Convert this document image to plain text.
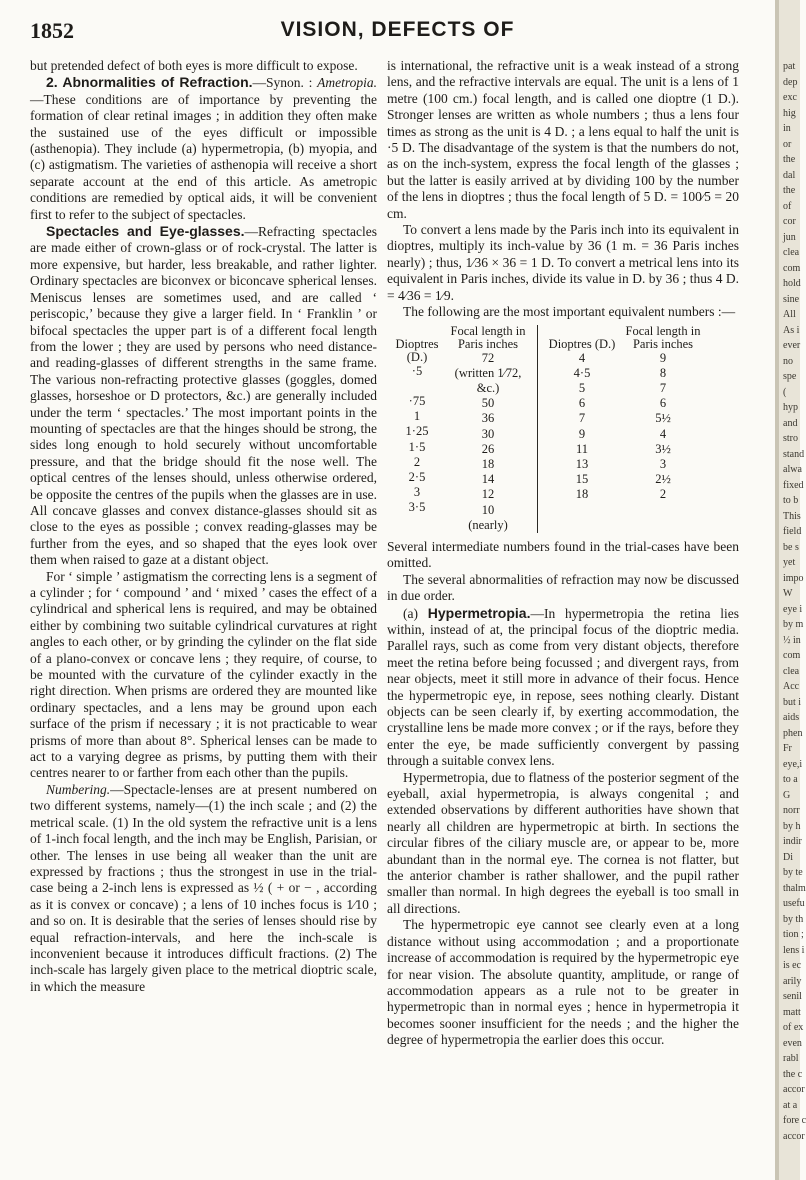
1852	VISION, DEFECTS OF

but pretended defect of both eyes is more difficult to expose.

2. Abnormalities of Refraction.—Synon. : Ametropia.—These conditions are of importance by preventing the formation of clear retinal images ; in addition they often make the sustained use of the eyes difficult or impossible (asthenopia). They include (a) hypermetropia, (b) myopia, and (c) astigmatism. The varieties of asthenopia will receive a short separate account at the end of this article. As ametropic conditions are remedied by optical aids, it will be convenient first to refer to the subject of spectacles.

Spectacles and Eye-glasses.—Refracting spectacles are made either of crown-glass or of rock-crystal. The latter is more expensive, but harder, less breakable, and rather lighter. Ordinary spectacles are biconvex or biconcave spherical lenses. Meniscus lenses are sometimes used, and are called ‘ periscopic,’ because they give a larger field. In ‘ Franklin ’ or bifocal spectacles the upper part is of a different focal length from the lower ; they are used by persons who need distance- and reading-glasses of different strengths in the same frame. The various non-refracting protective glasses (goggles, domed glasses, horseshoe or D protectors, &c.) are generally included under the term ‘ spectacles.’ The most important points in the mounting of spectacles are that the hinges should be strong, the sides long enough to hold securely without uncomfortable pressure, and that the bridge should fit the nose well. The optical centres of the lenses should, unless otherwise ordered, be opposite the centres of the pupils when the glasses are in use. All concave glasses and convex distance-glasses should sit as close to the eyes as possible ; convex reading-glasses may be further from the eyes, and so shaped that the eyes look over them when raised to gaze at a distant object.

For ‘ simple ’ astigmatism the correcting lens is a segment of a cylinder ; for ‘ compound ’ and ‘ mixed ’ cases the effect of a cylindrical and spherical lens is required, and may be obtained either by combining two suitable cylindrical curvatures at right angles to each other, or by grinding the cylinder on the flat side of a plano-convex or concave lens ; they require, of course, to be mounted with the curvature of the cylinder exactly in the right direction. When prisms are ordered they are mounted like ordinary spectacles, and a lens may be ground upon each surface of the prism if necessary ; it is not practicable to wear prisms of more than about 8°. Spherical lenses can be made to act to a varying degree as prisms, by putting them with their centres nearer to or farther from each other than the pupils.

Numbering.—Spectacle-lenses are at present numbered on two different systems, namely—(1) the inch scale ; and (2) the metrical scale. (1) In the old system the refractive unit is a lens of 1-inch focal length, and the inch may be English, Parisian, or other. The lenses in use being all weaker than the unit are expressed by fractions ; thus the strongest in use in the trial-case being a 2-inch lens is expressed as ½ ( + or − , according as it is convex or concave) ; a lens of 10 inches focus is 1⁄10 ; and so on. It is desirable that the series of lenses should rise by equal refraction-intervals, and here the inch-scale is inconvenient because it introduces difficult fractions. (2) The inch-scale has largely given place to the metrical dioptric scale, in which the measure

is international, the refractive unit is a weak instead of a strong lens, and the refractive intervals are equal. The unit is a lens of 1 metre (100 cm.) focal length, and is called one dioptre (1 D.). Stronger lenses are written as whole numbers ; thus a lens four times as strong as the unit is 4 D. ; a lens equal to half the unit is ·5 D. The disadvantage of the system is that the numbers do not, as on the inch-system, express the focal length of the glasses ; but the latter is easily arrived at by dividing 100 by the number of the lens in dioptres ; thus the focal length of 5 D. = 100⁄5 = 20 cm.

To convert a lens made by the Paris inch into its equivalent in dioptres, multiply its inch-value by 36 (1 m. = 36 Paris inches nearly) ; thus, 1⁄36 × 36 = 1 D. To convert a metrical lens into its equivalent in Paris inches, divide its value in D. by 36 ; thus 4 D. = 4⁄36 = 1⁄9.

The following are the most important equivalent numbers :—

Dioptres (D.)
·5

·75
1
1·25
1·5
2
2·5
3
3·5
Focal length in
Paris inches
72
(written 1⁄72, &c.)
50
36
30
26
18
14
12
10
(nearly)

Dioptres (D.)
4
4·5
5
6
7
9
11
13
15
18
Focal length in
Paris inches
9
8
7
6
5½
4
3½
3
2½
2

Several intermediate numbers found in the trial-cases have been omitted.

The several abnormalities of refraction may now be discussed in due order.

(a) Hypermetropia.—In hypermetropia the retina lies within, instead of at, the principal focus of the dioptric media. Parallel rays, such as come from very distant objects, therefore meet the retina before being focussed ; and divergent rays, from near objects, meet it still more in advance of their focus. Hence the hypermetropic eye, in repose, sees nothing clearly. Distant objects can be seen clearly if, by exerting accommodation, the crystalline lens be made more convex ; or if the rays, before they enter the eye, be made sufficiently convergent by passing through a suitable convex lens.

Hypermetropia, due to flatness of the posterior segment of the eyeball, axial hypermetropia, is always congenital ; and extended observations by different authorities have shown that nearly all children are hypermetropic at birth. In sections the circular fibres of the ciliary muscle are, or appear to be, more abundant than in the normal eye. The cornea is not flatter, but the anterior chamber is rather shallower, and the pupil rather smaller than normal. In high degrees the eyeball is too small in all directions.

The hypermetropic eye cannot see clearly even at a long distance without using accommodation ; and a proportionate increase of accommodation is required by the hypermetropic eye for near vision. The absolute quantity, amplitude, or range of accommodation appears as a rule not to be greater in hypermetropic than in normal eyes ; hence in hypermetropia it becomes sooner insufficient for the needs ; and the higher the degree of hypermetropia the earlier does this occur.

pat
dep
exc
hig
in
or
the
dal
the
of
cor
jun
clea
com
hold
sine
All
As i
ever
no
spe
(
hyp
and
stro
stand
alwa
fixed
to b
This
field
be s
yet
impo
W
eye i
by m
½ in
com
clea
Acc
but i
aids
phen
Fr
eye,i
to a
G
norr
by h
indir
Di
by te
thalm
usefu
by th
tion ;
lens i
is ec
arily
senil
matt
of ex
even
rabl
the c
accor
at a
fore c
accor
